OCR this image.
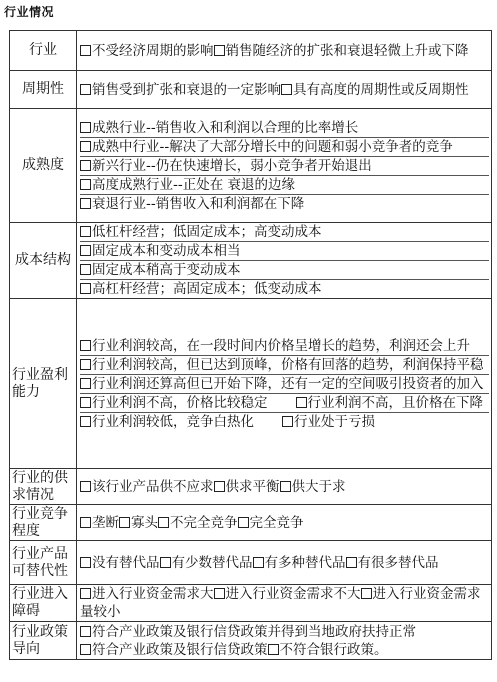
行业情况
行业	不受经济周期的影响 销售随经济的扩张和衰退轻微上升或下降
周期性	销售受到扩张和衰退的一定影响 具有高度的周期性或反周期性
成熟度	成熟行业--销售收入和利润以合理的比率增长
成熟中行业--解决了大部分增长中的问题和弱小竞争者的竞争
新兴行业--仍在快速增长，弱小竞争者开始退出
高度成熟行业--正处在 衰退的边缘
衰退行业--销售收入和利润都在下降

成本结构	低杠杆经营；低固定成本；高变动成本
固定成本和变动成本相当
固定成本稍高于变动成本
高杠杆经营；高固定成本；低变动成本

行业盈利能力	行业利润较高，在一段时间内价格呈增长的趋势，利润还会上升
行业利润较高，但已达到顶峰，价格有回落的趋势，利润保持平稳
行业利润还算高但已开始下降，还有一定的空间吸引投资者的加入
行业利润不高，价格比较稳定 行业利润不高，且价格在下降
行业利润较低，竞争白热化 行业处于亏损

行业的供求情况	该行业产品供不应求 供求平衡 供大于求
行业竞争程度	垄断 寡头 不完全竞争 完全竞争
行业产品可替代性	没有替代品 有少数替代品 有多种替代品 有很多替代品
行业进入障碍	进入行业资金需求大 进入行业资金需求不大 进入行业资金需求量较小
行业政策导向	符合产业政策及银行信贷政策并得到当地政府扶持正常
符合产业政策及银行信贷政策 不符合银行政策。
